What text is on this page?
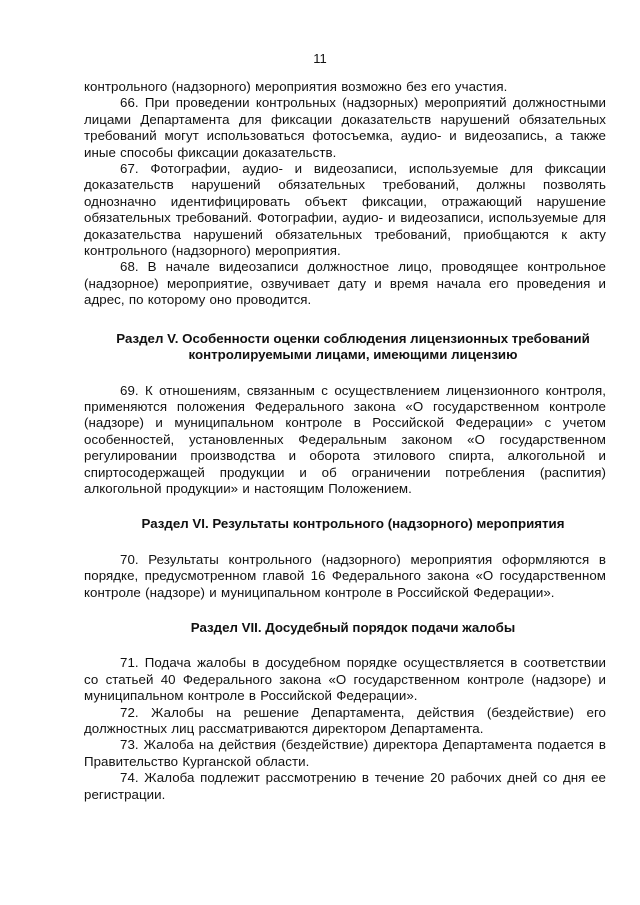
11

контрольного (надзорного) мероприятия возможно без его участия.

66. При проведении контрольных (надзорных) мероприятий должностными лицами Департамента для фиксации доказательств нарушений обязательных требований могут использоваться фотосъемка, аудио- и видеозапись, а также иные способы фиксации доказательств.

67. Фотографии, аудио- и видеозаписи, используемые для фиксации доказательств нарушений обязательных требований, должны позволять однозначно идентифицировать объект фиксации, отражающий нарушение обязательных требований. Фотографии, аудио- и видеозаписи, используемые для доказательства нарушений обязательных требований, приобщаются к акту контрольного (надзорного) мероприятия.

68. В начале видеозаписи должностное лицо, проводящее контрольное (надзорное) мероприятие, озвучивает дату и время начала его проведения и адрес, по которому оно проводится.

Раздел V. Особенности оценки соблюдения лицензионных требований контролируемыми лицами, имеющими лицензию

69. К отношениям, связанным с осуществлением лицензионного контроля, применяются положения Федерального закона «О государственном контроле (надзоре) и муниципальном контроле в Российской Федерации» с учетом особенностей, установленных Федеральным законом «О государственном регулировании производства и оборота этилового спирта, алкогольной и спиртосодержащей продукции и об ограничении потребления (распития) алкогольной продукции» и настоящим Положением.

Раздел VI. Результаты контрольного (надзорного) мероприятия

70. Результаты контрольного (надзорного) мероприятия оформляются в порядке, предусмотренном главой 16 Федерального закона «О государственном контроле (надзоре) и муниципальном контроле в Российской Федерации».

Раздел VII. Досудебный порядок подачи жалобы

71. Подача жалобы в досудебном порядке осуществляется в соответствии со статьей 40 Федерального закона «О государственном контроле (надзоре) и муниципальном контроле в Российской Федерации».

72. Жалобы на решение Департамента, действия (бездействие) его должностных лиц рассматриваются директором Департамента.

73. Жалоба на действия (бездействие) директора Департамента подается в Правительство Курганской области.

74. Жалоба подлежит рассмотрению в течение 20 рабочих дней со дня ее регистрации.
